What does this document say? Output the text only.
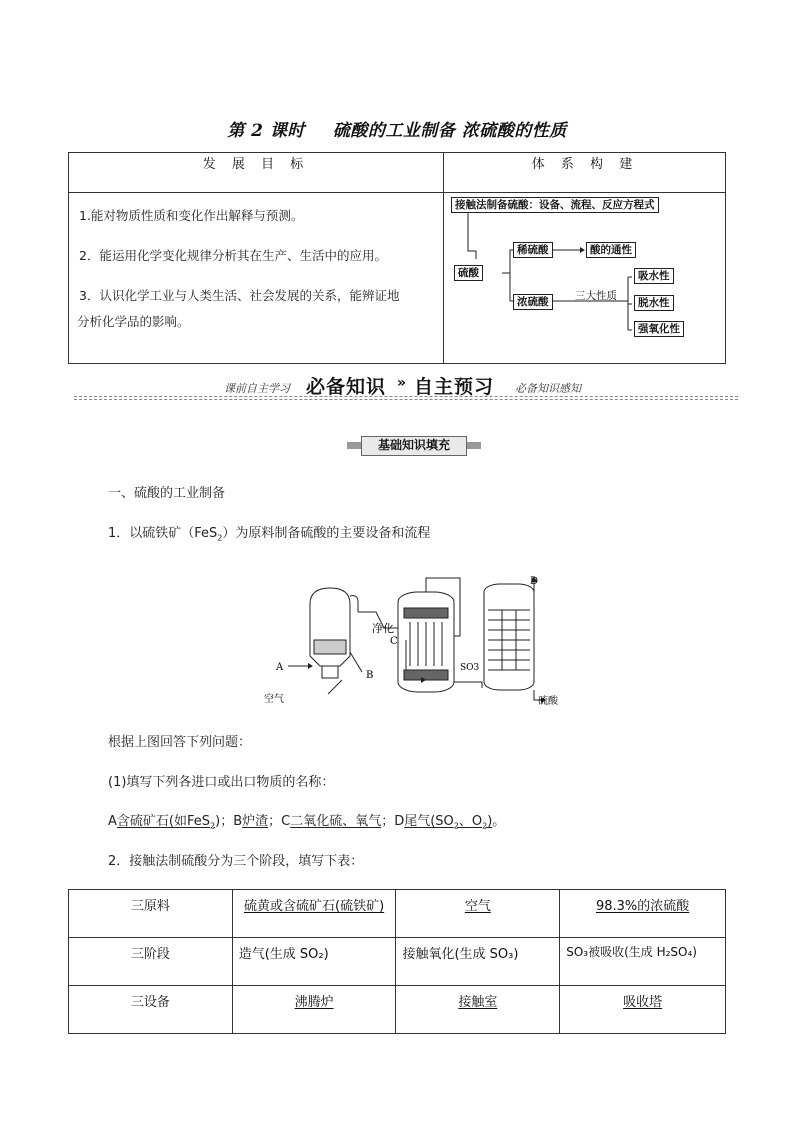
第 2 课时 硫酸的工业制备 浓硫酸的性质
发 展 目 标	体 系 构 建
1.能对物质性质和变化作出解释与预测。
2．能运用化学变化规律分析其在生产、生活中的应用。
3．认识化学工业与人类生活、社会发展的关系，能辨证地
分析化学品的影响。
接触法制备硫酸：设备、流程、反应方程式
硫酸
稀硫酸	酸的通性
浓硫酸	三大性质
吸水性
脱水性
强氧化性
课前自主学习 必备知识 » 自主预习 必备知识感知
基础知识填充
一、硫酸的工业制备
1．以硫铁矿（FeS$_2$）为原料制备硫酸的主要设备和流程
A
B
C
D
净化
SO3
空气	硫酸
根据上图回答下列问题：
(1)填写下列各进口或出口物质的名称：
A含硫矿石(如FeS$_2$)；B炉渣；C二氧化硫、氧气；D尾气($SO_2$、$O_2$)。
2．接触法制硫酸分为三个阶段，填写下表：
三原料	硫黄或含硫矿石(硫铁矿)	空气	98.3%的浓硫酸
三阶段	造气(生成 SO₂)	接触氧化(生成 SO₃)	SO₃被吸收(生成 H₂SO₄)
三设备	沸腾炉	接触室	吸收塔
